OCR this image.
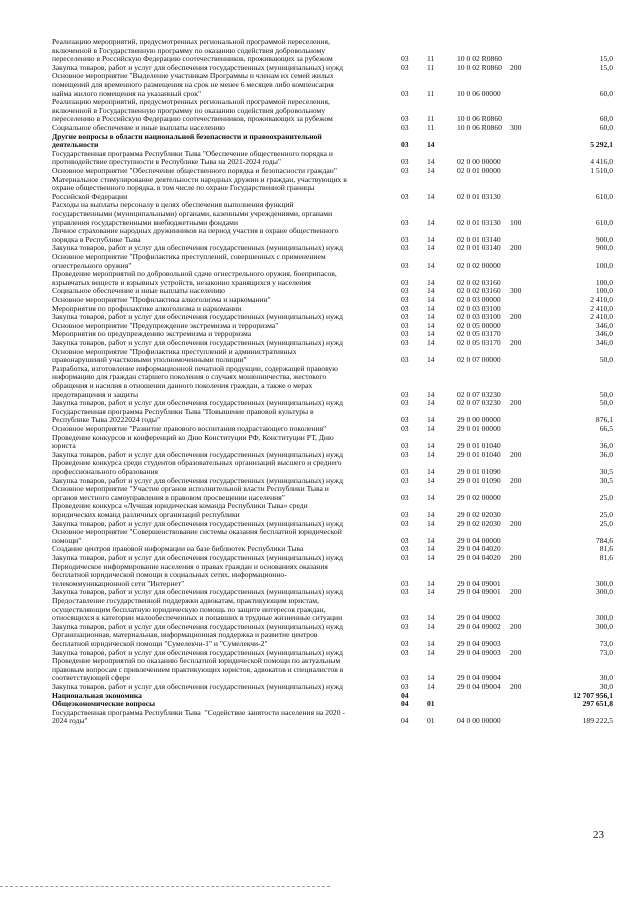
Реализацию мероприятий, предусмотренных региональной программой переселения,
включенной в Государственную программу по оказанию содействия добровольному
переселению в Российскую Федерацию соотечественников, проживающих за рубежом	03 11	10 0 02 R0860	15,0
Закупка товаров, работ и услуг для обеспечения государственных (муниципальных) нужд	03 11	10 0 02 R0860 200	15,0
Основное мероприятие "Выделение участникам Программы и членам их семей жилых
помещений для временного размещения на срок не менее 6 месяцев либо компенсация
найма жилого помещения на указанный срок"	03 11	10 0 06 00000	60,0
Реализацию мероприятий, предусмотренных региональной программой переселения,
включенной в Государственную программу по оказанию содействия добровольному
переселению в Российскую Федерацию соотечественников, проживающих за рубежом	03 11	10 0 06 R0860	60,0
Социальное обеспечение и иные выплаты населению	03 11	10 0 06 R0860 300	60,0
Другие вопросы в области национальной безопасности и правоохранительной
деятельности	03 14	5 292,1
Государственная программа Республики Тыва "Обеспечение общественного порядка и
противодействие преступности в Республике Тыва на 2021-2024 годы"	03 14	02 0 00 00000	4 416,0
Основное мероприятие "Обеспечение общественного порядка и безопасности граждан"	03 14	02 0 01 00000	1 510,0
Материальное стимулирование деятельности народных дружин и граждан, участвующих в
охране общественного порядка, в том числе по охране Государственной границы
Российской Федерации	03 14	02 0 01 03130	610,0
Расходы на выплаты персоналу в целях обеспечения выполнения функций
государственными (муниципальными) органами, казенными учреждениями, органами
управления государственными внебюджетными фондами	03 14	02 0 01 03130 100	610,0
Личное страхование народных дружинников на период участия в охране общественного
порядка в Республике Тыва	03 14	02 0 01 03140	900,0
Закупка товаров, работ и услуг для обеспечения государственных (муниципальных) нужд	03 14	02 0 01 03140 200	900,0
Основное мероприятие "Профилактика преступлений, совершенных с применением
огнестрельного оружия"	03 14	02 0 02 00000	100,0
Проведение мероприятий по добровольной сдаче огнестрельного оружия, боеприпасов,
взрывчатых веществ и взрывных устройств, незаконно хранящихся у населения	03 14	02 0 02 03160	100,0
Социальное обеспечение и иные выплаты населению	03 14	02 0 02 03160 300	100,0
Основное мероприятие "Профилактика алкоголизма и наркомании"	03 14	02 0 03 00000	2 410,0
Мероприятия по профилактике алкоголизма и наркомании	03 14	02 0 03 03100	2 410,0
Закупка товаров, работ и услуг для обеспечения государственных (муниципальных) нужд	03 14	02 0 03 03100 200	2 410,0
Основное мероприятие "Предупреждение экстремизма и терроризма"	03 14	02 0 05 00000	346,0
Мероприятия по предупреждению экстремизма и терроризма	03 14	02 0 05 03170	346,0
Закупка товаров, работ и услуг для обеспечения государственных (муниципальных) нужд	03 14	02 0 05 03170 200	346,0
Основное мероприятие "Профилактика преступлений и административных
правонарушений участковыми уполномоченными полиции"	03 14	02 0 07 00000	50,0
Разработка, изготовление информационной печатной продукции, содержащей правовую
информацию для граждан старшего поколения о случаях мошенничества, жестокого
обращения и насилия в отношении данного поколения граждан, а также о мерах
предотвращения и защиты	03 14	02 0 07 03230	50,0
Закупка товаров, работ и услуг для обеспечения государственных (муниципальных) нужд	03 14	02 0 07 03230 200	50,0
Государственная программа Республики Тыва "Повышение правовой культуры в
Республике Тыва 20222024 годы"	03 14	29 0 00 00000	876,1
Основное мероприятие "Развитие правового воспитания подрастающего поколения"	03 14	29 0 01 00000	66,5
Проведение конкурсов и конференций ко Дню Конституции РФ, Конституции РТ, Дню
юриста	03 14	29 0 01 01040	36,0
Закупка товаров, работ и услуг для обеспечения государственных (муниципальных) нужд	03 14	29 0 01 01040 200	36,0
Проведение конкурса среди студентов образовательных организаций высшего и среднего
профессионального образования	03 14	29 0 01 01090	30,5
Закупка товаров, работ и услуг для обеспечения государственных (муниципальных) нужд	03 14	29 0 01 01090 200	30,5
Основное мероприятие "Участие органов исполнительной власти Республики Тыва и
органов местного самоуправления в правовом просвещении населения"	03 14	29 0 02 00000	25,0
Проведение конкурса «Лучшая юридическая команда Республики Тыва» среди
юридических команд различных организаций республики	03 14	29 0 02 02030	25,0
Закупка товаров, работ и услуг для обеспечения государственных (муниципальных) нужд	03 14	29 0 02 02030 200	25,0
Основное мероприятие "Совершенствование системы оказания бесплатной юридической
помощи"	03 14	29 0 04 00000	784,6
Создание центров правовой информации на базе библиотек Республики Тыва	03 14	29 0 04 04020	81,6
Закупка товаров, работ и услуг для обеспечения государственных (муниципальных) нужд	03 14	29 0 04 04020 200	81,6
Периодическое информирование населения о правах граждан и основаниях оказания
бесплатной юридической помощи в социальных сетях, информационно-
телекоммуникационной сети "Интернет"	03 14	29 0 04 09001	300,0
Закупка товаров, работ и услуг для обеспечения государственных (муниципальных) нужд	03 14	29 0 04 09001 200	300,0
Предоставление государственной поддержки адвокатам, практикующим юристам,
осуществляющим бесплатную юридическую помощь по защите интересов граждан,
относящихся к категории малообеспеченных и попавших в трудные жизненные ситуации	03 14	29 0 04 09002	300,0
Закупка товаров, работ и услуг для обеспечения государственных (муниципальных) нужд	03 14	29 0 04 09002 200	300,0
Организационная, материальная, информационная поддержка и развитие центров
бесплатной юридической помощи "Сумелекчи-1" и "Сумелекчи-2"	03 14	29 0 04 09003	73,0
Закупка товаров, работ и услуг для обеспечения государственных (муниципальных) нужд	03 14	29 0 04 09003 200	73,0
Проведение мероприятий по оказанию бесплатной юридической помощи по актуальным
правовым вопросам с привлечением практикующих юристов, адвокатов и специалистов в
соответствующей сфере	03 14	29 0 04 09004	30,0
Закупка товаров, работ и услуг для обеспечения государственных (муниципальных) нужд	03 14	29 0 04 09004 200	30,0
Национальная экономика	04	12 707 956,1
Общеэкономические вопросы	04 01	297 651,8
Государственная программа Республики Тыва  "Содействие занятости населения на 2020 -
2024 годы"	04 01	04 0 00 00000	189 222,5
23
